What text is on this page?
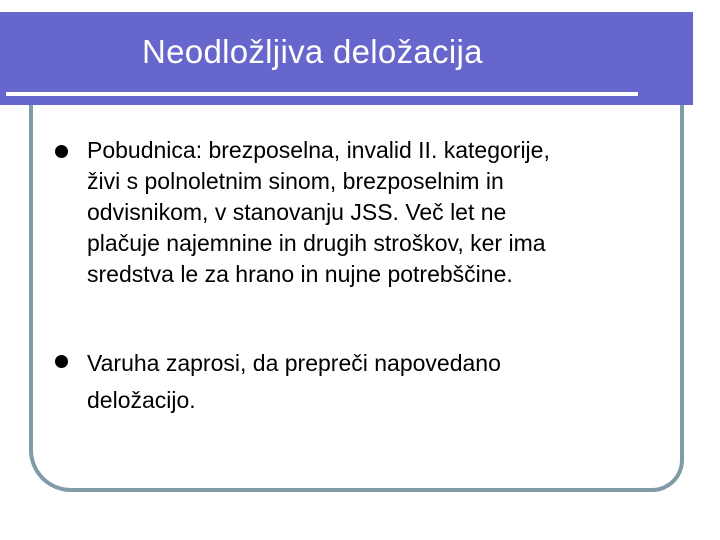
Neodložljiva deložacija
Pobudnica: brezposelna, invalid II. kategorije,
živi s polnoletnim sinom, brezposelnim in
odvisnikom, v stanovanju JSS. Več let ne
plačuje najemnine in drugih stroškov, ker ima
sredstva le za hrano in nujne potrebščine.
Varuha zaprosi, da prepreči napovedano
deložacijo.
